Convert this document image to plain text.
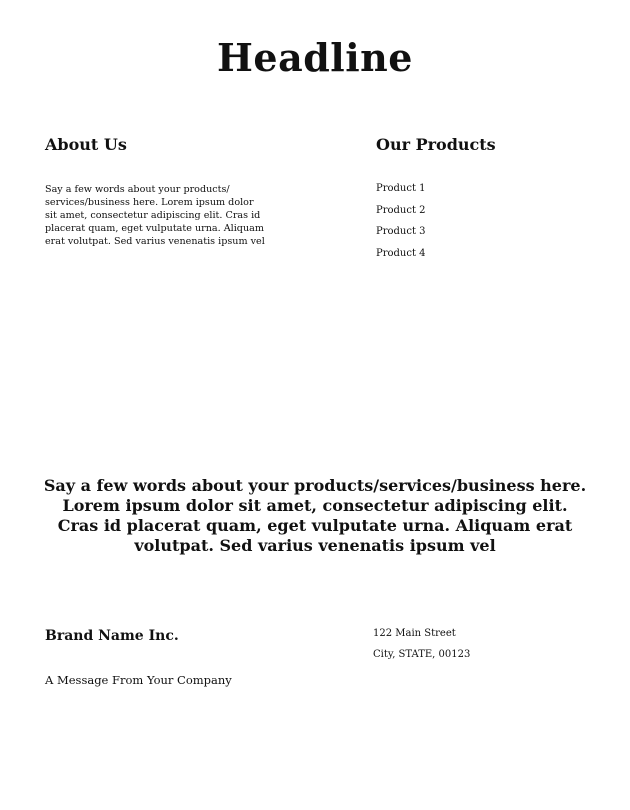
Headline
About Us
Say a few words about your products/ services/business here. Lorem ipsum dolor sit amet, consectetur adipiscing elit. Cras id placerat quam, eget vulputate urna. Aliquam erat volutpat. Sed varius venenatis ipsum vel
Our Products
Product 1
Product 2
Product 3
Product 4
Say a few words about your products/services/business here. Lorem ipsum dolor sit amet, consectetur adipiscing elit. Cras id placerat quam, eget vulputate urna. Aliquam erat volutpat. Sed varius venenatis ipsum vel
Brand Name Inc.
A Message From Your Company
122 Main Street
City, STATE, 00123
